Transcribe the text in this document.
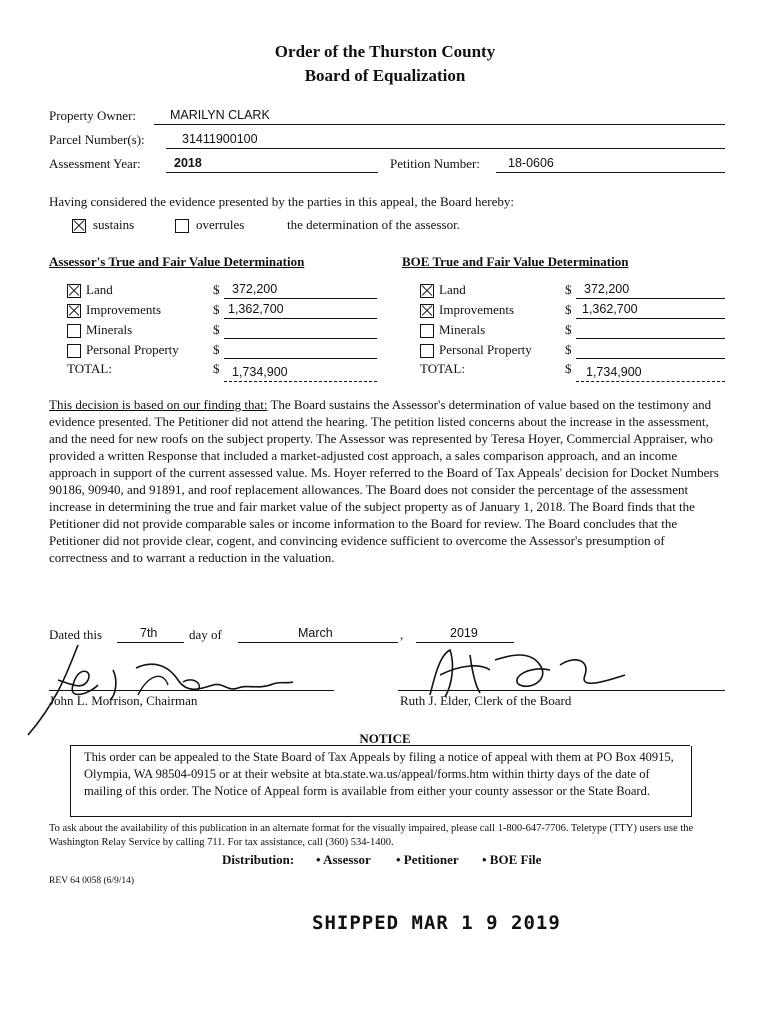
Order of the Thurston County
Board of Equalization
Property Owner:	MARILYN CLARK
Parcel Number(s):	31411900100
Assessment Year:	2018	Petition Number: 18-0606
Having considered the evidence presented by the parties in this appeal, the Board hereby:
sustains	overrules	the determination of the assessor.
Assessor's True and Fair Value Determination
Land	$ 372,200
Improvements	$ 1,362,700
Minerals	$
Personal Property	$
TOTAL:	$ 1,734,900
BOE True and Fair Value Determination
Land	$ 372,200
Improvements	$ 1,362,700
Minerals	$
Personal Property	$
TOTAL:	$ 1,734,900
This decision is based on our finding that: The Board sustains the Assessor's determination of value based on the testimony and evidence presented. The Petitioner did not attend the hearing. The petition listed concerns about the increase in the assessment, and the need for new roofs on the subject property. The Assessor was represented by Teresa Hoyer, Commercial Appraiser, who provided a written Response that included a market-adjusted cost approach, a sales comparison approach, and an income approach in support of the current assessed value. Ms. Hoyer referred to the Board of Tax Appeals' decision for Docket Numbers 90186, 90940, and 91891, and roof replacement allowances. The Board does not consider the percentage of the assessment increase in determining the true and fair market value of the subject property as of January 1, 2018. The Board finds that the Petitioner did not provide comparable sales or income information to the Board for review. The Board concludes that the Petitioner did not provide clear, cogent, and convincing evidence sufficient to overcome the Assessor's presumption of correctness and to warrant a reduction in the valuation.
Dated this	7th day of	March	,	2019
John L. Morrison, Chairman	Ruth J. Elder, Clerk of the Board
NOTICE
This order can be appealed to the State Board of Tax Appeals by filing a notice of appeal with them at PO Box 40915, Olympia, WA 98504-0915 or at their website at bta.state.wa.us/appeal/forms.htm within thirty days of the date of mailing of this order. The Notice of Appeal form is available from either your county assessor or the State Board.
To ask about the availability of this publication in an alternate format for the visually impaired, please call 1-800-647-7706. Teletype (TTY) users use the Washington Relay Service by calling 711. For tax assistance, call (360) 534-1400.
Distribution: • Assessor • Petitioner • BOE File
REV 64 0058 (6/9/14)
SHIPPED MAR 1 9 2019
